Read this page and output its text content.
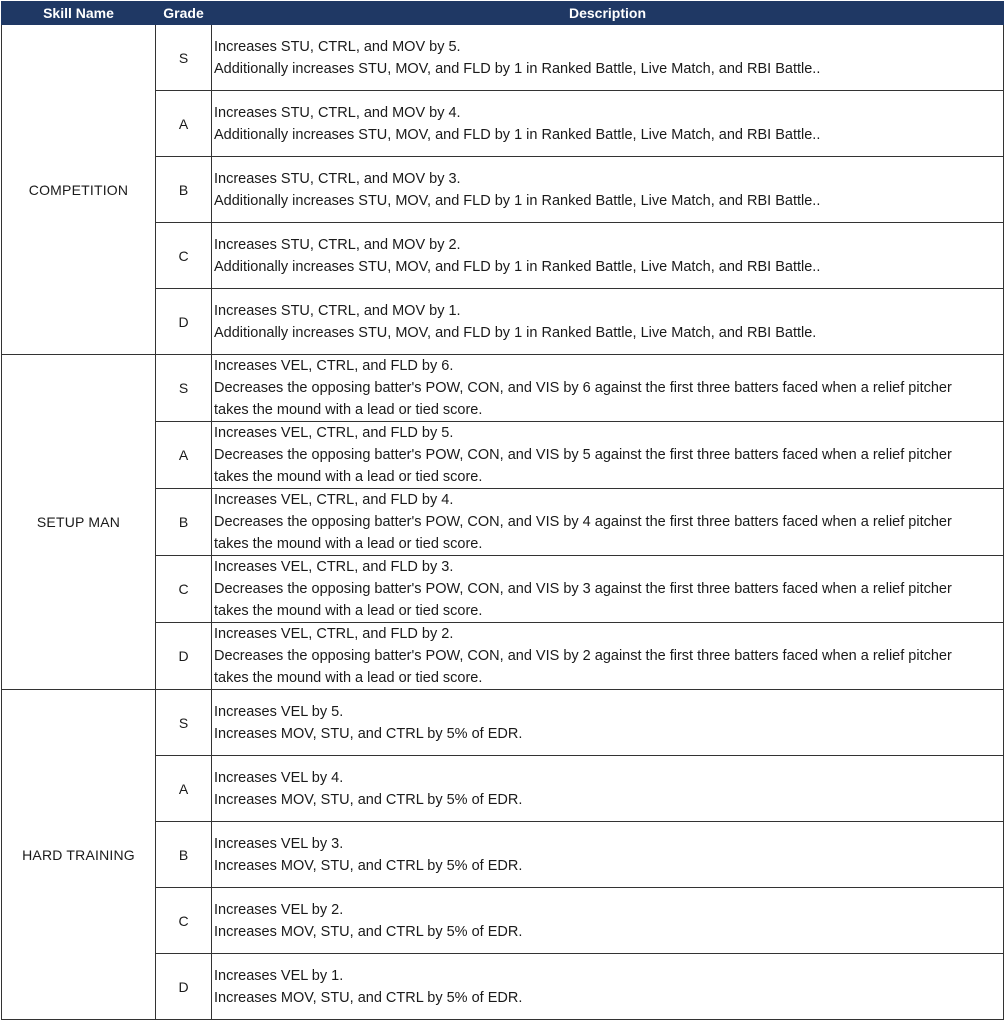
Skill Name	Grade	Description
COMPETITION	S	Increases STU, CTRL, and MOV by 5.
Additionally increases STU, MOV, and FLD by 1 in Ranked Battle, Live Match, and RBI Battle..

	A	Increases STU, CTRL, and MOV by 4.
Additionally increases STU, MOV, and FLD by 1 in Ranked Battle, Live Match, and RBI Battle..

	B	Increases STU, CTRL, and MOV by 3.
Additionally increases STU, MOV, and FLD by 1 in Ranked Battle, Live Match, and RBI Battle..

	C	Increases STU, CTRL, and MOV by 2.
Additionally increases STU, MOV, and FLD by 1 in Ranked Battle, Live Match, and RBI Battle..

	D	Increases STU, CTRL, and MOV by 1.
Additionally increases STU, MOV, and FLD by 1 in Ranked Battle, Live Match, and RBI Battle.

SETUP MAN	S	Increases VEL, CTRL, and FLD by 6.
Decreases the opposing batter's POW, CON, and VIS by 6 against the first three batters faced when a relief pitcher
takes the mound with a lead or tied score.

	A	Increases VEL, CTRL, and FLD by 5.
Decreases the opposing batter's POW, CON, and VIS by 5 against the first three batters faced when a relief pitcher
takes the mound with a lead or tied score.

	B	Increases VEL, CTRL, and FLD by 4.
Decreases the opposing batter's POW, CON, and VIS by 4 against the first three batters faced when a relief pitcher
takes the mound with a lead or tied score.

	C	Increases VEL, CTRL, and FLD by 3.
Decreases the opposing batter's POW, CON, and VIS by 3 against the first three batters faced when a relief pitcher
takes the mound with a lead or tied score.

	D	Increases VEL, CTRL, and FLD by 2.
Decreases the opposing batter's POW, CON, and VIS by 2 against the first three batters faced when a relief pitcher
takes the mound with a lead or tied score.

HARD TRAINING	S	Increases VEL by 5.
Increases MOV, STU, and CTRL by 5% of EDR.

	A	Increases VEL by 4.
Increases MOV, STU, and CTRL by 5% of EDR.

	B	Increases VEL by 3.
Increases MOV, STU, and CTRL by 5% of EDR.

	C	Increases VEL by 2.
Increases MOV, STU, and CTRL by 5% of EDR.

	D	Increases VEL by 1.
Increases MOV, STU, and CTRL by 5% of EDR.
